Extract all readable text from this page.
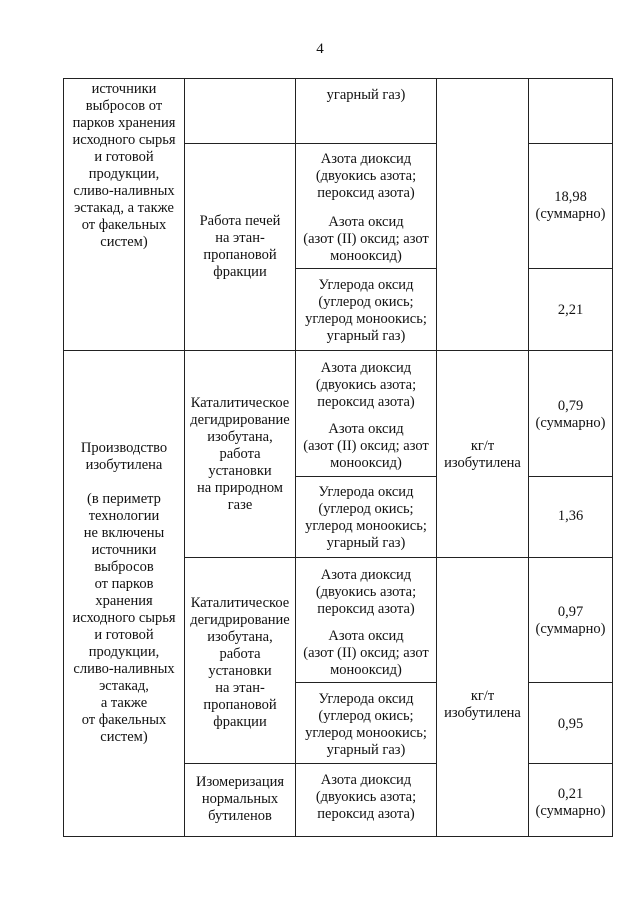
4
источники
выбросов от
парков хранения
исходного сырья
и готовой
продукции,
сливо-наливных
эстакад, а также
от факельных
систем)
угарный газ)
Работа печей
на этан-
пропановой
фракции
Азота диоксид
(двуокись азота;
пероксид азота)
Азота оксид
(азот (II) оксид; азот
монооксид)
18,98
(суммарно)
Углерода оксид
(углерод окись;
углерод моноокись;
угарный газ)
2,21
Производство
изобутилена

(в периметр
технологии
не включены
источники
выбросов
от парков
хранения
исходного сырья
и готовой
продукции,
сливо-наливных
эстакад,
а также
от факельных
систем)
Каталитическое
дегидрирование
изобутана,
работа
установки
на природном
газе
Азота диоксид
(двуокись азота;
пероксид азота)
Азота оксид
(азот (II) оксид; азот
монооксид)
кг/т
изобутилена
0,79
(суммарно)
Углерода оксид
(углерод окись;
углерод моноокись;
угарный газ)
1,36
Каталитическое
дегидрирование
изобутана,
работа
установки
на этан-
пропановой
фракции
Азота диоксид
(двуокись азота;
пероксид азота)
Азота оксид
(азот (II) оксид; азот
монооксид)
кг/т
изобутилена
0,97
(суммарно)
Углерода оксид
(углерод окись;
углерод моноокись;
угарный газ)
0,95
Изомеризация
нормальных
бутиленов
Азота диоксид
(двуокись азота;
пероксид азота)
0,21
(суммарно)
